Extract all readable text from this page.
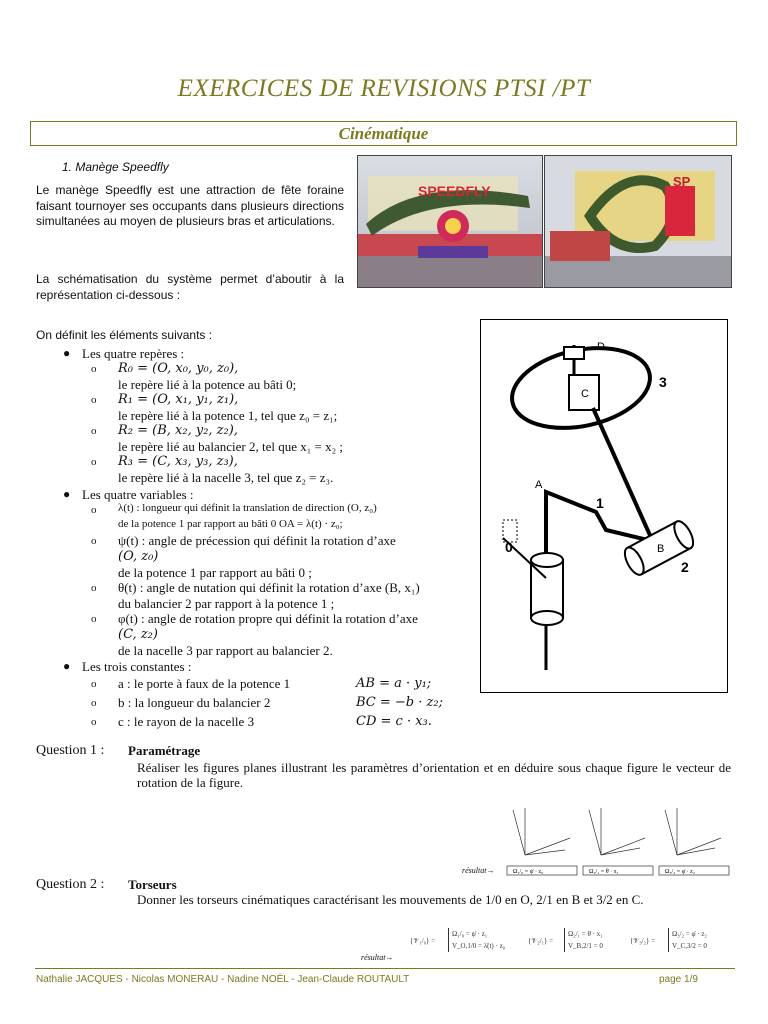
EXERCICES DE REVISIONS PTSI /PT
Cinématique
1. Manège Speedfly
Le manège Speedfly est une attraction de fête foraine faisant tournoyer ses occupants dans plusieurs directions simultanées au moyen de plusieurs bras et articulations.
La schématisation du système permet d’aboutir à la représentation ci-dessous :
SPEEDFLY
SP
D
C
3
A
1
0	B
2
On définit les éléments suivants :
● Les quatre repères :
o R₀ = (O, x₀, y₀, z₀),
le repère lié à la potence au bâti 0;
o R₁ = (O, x₁, y₁, z₁),
le repère lié à la potence 1, tel que z₀ = z₁;
o R₂ = (B, x₂, y₂, z₂),
le repère lié au balancier 2, tel que x₁ = x₂ ;
o R₃ = (C, x₃, y₃, z₃),
le repère lié à la nacelle 3, tel que z₂ = z₃.
● Les quatre variables :
o λ(t) : longueur qui définit la translation de direction (O, z₀)
de la potence 1 par rapport au bâti 0 OA = λ(t) · z₀;
o ψ(t) : angle de précession qui définit la rotation d’axe
(O, z₀)
de la potence 1 par rapport au bâti 0 ;
o θ(t) : angle de nutation qui définit la rotation d’axe (B, x₁)
du balancier 2 par rapport à la potence 1 ;
o φ(t) : angle de rotation propre qui définit la rotation d’axe
(C, z₂)
de la nacelle 3 par rapport au balancier 2.
● Les trois constantes :
o a : le porte à faux de la potence 1	AB = a · y₁;
o b : la longueur du balancier 2	BC = −b · z₂;
o c : le rayon de la nacelle 3	CD = c · x₃.
Question 1 : Paramétrage
Réaliser les figures planes illustrant les paramètres d’orientation et en déduire sous chaque figure le vecteur de rotation de la figure.
résultat→	Ω₁/₀ = ψ̇ · z₀	Ω₂/₁ = θ̇ · x₁	Ω₃/₂ = φ̇ · z₂
Question 2 : Torseurs
Donner les torseurs cinématiques caractérisant les mouvements de 1/0 en O, 2/1 en B et 3/2 en C.
résultat→
{𝒱₁/₀} =
Ω₁/₀ = ψ̇ · z₁
V_O,1/0 = λ̇(t) · z₀
{𝒱₂/₁} =
Ω₂/₁ = θ̇ · x₁
V_B,2/1 = 0
{𝒱₃/₂} =
Ω₃/₂ = φ̇ · z₂
V_C,3/2 = 0
Nathalie JACQUES - Nicolas MONERAU - Nadine NOËL - Jean-Claude ROUTAULT	page 1/9
